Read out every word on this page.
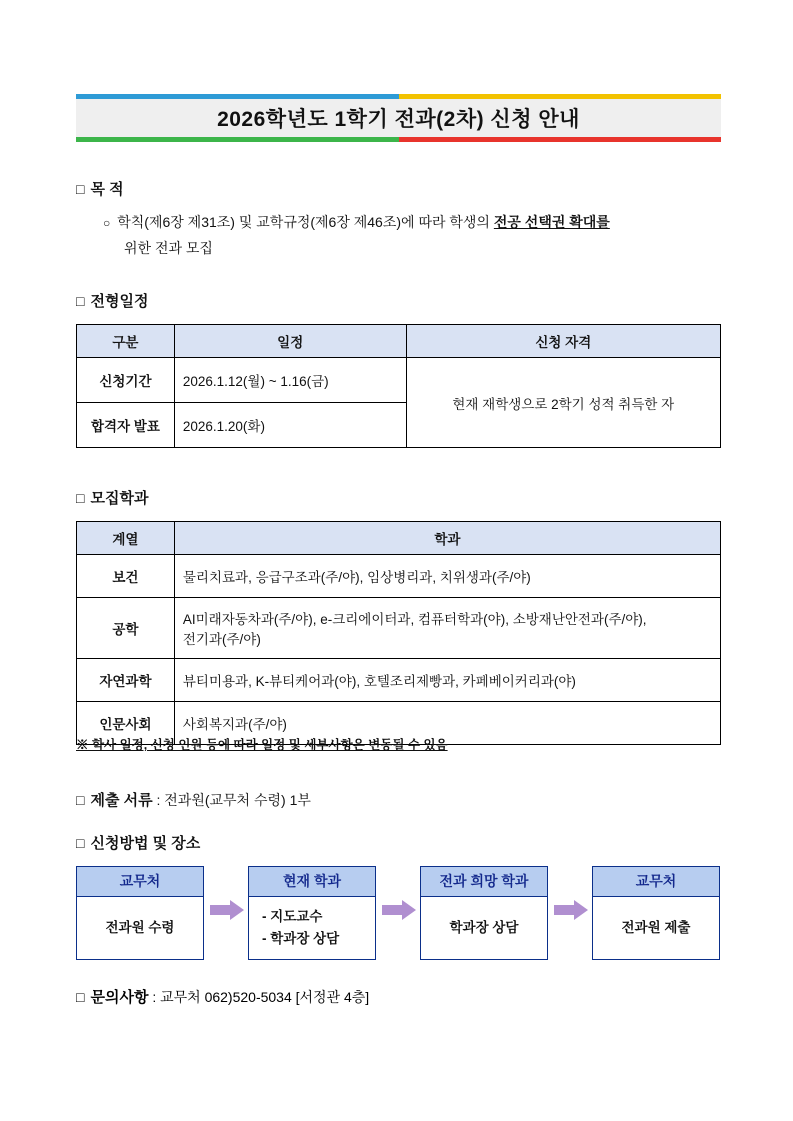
2026학년도 1학기 전과(2차) 신청 안내
□ 목 적
○ 학칙(제6장 제31조) 및 교학규정(제6장 제46조)에 따라 학생의 전공 선택권 확대를
위한 전과 모집
□ 전형일정
구분	일정	신청 자격
신청기간	2026.1.12(월) ~ 1.16(금)	현재 재학생으로 2학기 성적 취득한 자
합격자 발표	2026.1.20(화)	
□ 모집학과
계열	학과
보건	물리치료과, 응급구조과(주/야), 임상병리과, 치위생과(주/야)
공학	AI미래자동차과(주/야), e-크리에이터과, 컴퓨터학과(야), 소방재난안전과(주/야),
전기과(주/야)

자연과학	뷰티미용과, K-뷰티케어과(야), 호텔조리제빵과, 카페베이커리과(야)
인문사회	사회복지과(주/야)
※ 학사 일정, 신청 인원 등에 따라 일정 및 세부사항은 변동될 수 있음
□ 제출 서류 : 전과원(교무처 수령) 1부
□ 신청방법 및 장소
교무처
전과원 수령
현재 학과
- 지도교수
- 학과장 상담
전과 희망 학과
학과장 상담
교무처
전과원 제출
□ 문의사항 : 교무처 062)520-5034 [서정관 4층]
